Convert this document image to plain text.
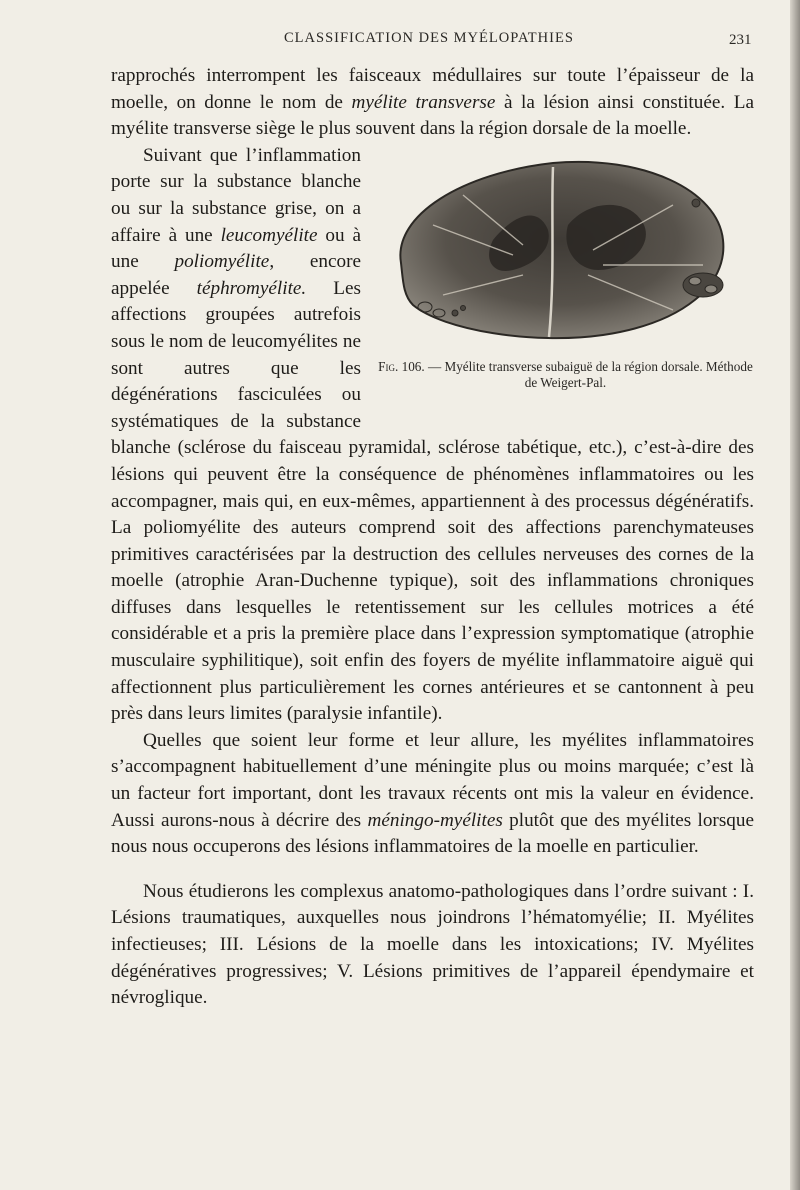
CLASSIFICATION DES MYÉLOPATHIES	231

rapprochés interrompent les faisceaux médullaires sur toute l’épaisseur de la moelle, on donne le nom de myélite transverse à la lésion ainsi constituée. La myélite transverse siège le plus souvent dans la région dorsale de la moelle.

Fig. 106. — Myélite transverse subaiguë de la région dorsale. Méthode de Weigert-Pal.

Suivant que l’inflammation porte sur la substance blanche ou sur la substance grise, on a affaire à une leucomyélite ou à une poliomyélite, encore appelée téphromyélite. Les affections groupées autrefois sous le nom de leucomyélites ne sont autres que les dégénérations fasciculées ou systématiques de la substance blanche (sclérose du faisceau pyramidal, sclérose tabétique, etc.), c’est-à-dire des lésions qui peuvent être la conséquence de phénomènes inflammatoires ou les accompagner, mais qui, en eux-mêmes, appartiennent à des processus dégénératifs. La poliomyélite des auteurs comprend soit des affections parenchymateuses primitives caractérisées par la destruction des cellules nerveuses des cornes de la moelle (atrophie Aran-Duchenne typique), soit des inflammations chroniques diffuses dans lesquelles le retentissement sur les cellules motrices a été considérable et a pris la première place dans l’expression symptomatique (atrophie musculaire syphilitique), soit enfin des foyers de myélite inflammatoire aiguë qui affectionnent plus particulièrement les cornes antérieures et se cantonnent à peu près dans leurs limites (paralysie infantile).

Quelles que soient leur forme et leur allure, les myélites inflammatoires s’accompagnent habituellement d’une méningite plus ou moins marquée; c’est là un facteur fort important, dont les travaux récents ont mis la valeur en évidence. Aussi aurons-nous à décrire des méningo-myélites plutôt que des myélites lorsque nous nous occuperons des lésions inflammatoires de la moelle en particulier.

Nous étudierons les complexus anatomo-pathologiques dans l’ordre suivant : I. Lésions traumatiques, auxquelles nous joindrons l’hématomyélie; II. Myélites infectieuses; III. Lésions de la moelle dans les intoxications; IV. Myélites dégénératives progressives; V. Lésions primitives de l’appareil épendymaire et névroglique.
